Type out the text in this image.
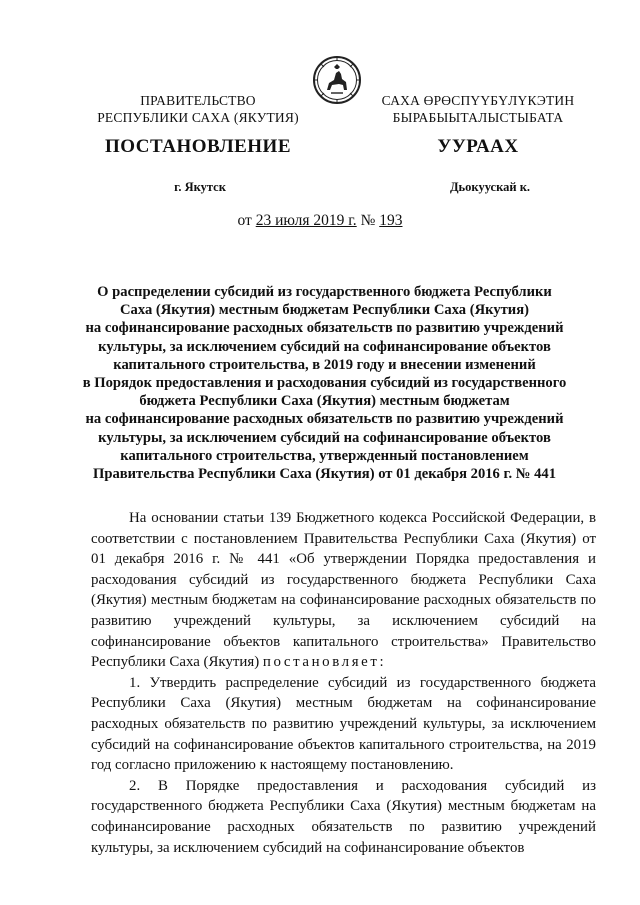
ПРАВИТЕЛЬСТВО
РЕСПУБЛИКИ САХА (ЯКУТИЯ)
САХА ӨРӨСПҮҮБҮЛҮКЭТИН
БЫРАБЫЫТАЛЫСТЫБАТА
ПОСТАНОВЛЕНИЕ	УУРААХ
г. Якутск	Дьокуускай к.
от 23 июля 2019 г. № 193
О распределении субсидий из государственного бюджета Республики
Саха (Якутия) местным бюджетам Республики Саха (Якутия)
на софинансирование расходных обязательств по развитию учреждений
культуры, за исключением субсидий на софинансирование объектов
капитального строительства, в 2019 году и внесении изменений
в Порядок предоставления и расходования субсидий из государственного
бюджета Республики Саха (Якутия) местным бюджетам
на софинансирование расходных обязательств по развитию учреждений
культуры, за исключением субсидий на софинансирование объектов
капитального строительства, утвержденный постановлением
Правительства Республики Саха (Якутия) от 01 декабря 2016 г. № 441

На основании статьи 139 Бюджетного кодекса Российской Федерации, в соответствии с постановлением Правительства Республики Саха (Якутия) от 01 декабря 2016 г. № 441 «Об утверждении Порядка предоставления и расходования субсидий из государственного бюджета Республики Саха (Якутия) местным бюджетам на софинансирование расходных обязательств по развитию учреждений культуры, за исключением субсидий на софинансирование объектов капитального строительства» Правительство Республики Саха (Якутия) постановляет:

1. Утвердить распределение субсидий из государственного бюджета Республики Саха (Якутия) местным бюджетам на софинансирование расходных обязательств по развитию учреждений культуры, за исключением субсидий на софинансирование объектов капитального строительства, на 2019 год согласно приложению к настоящему постановлению.

2. В Порядке предоставления и расходования субсидий из государственного бюджета Республики Саха (Якутия) местным бюджетам на софинансирование расходных обязательств по развитию учреждений культуры, за исключением субсидий на софинансирование объектов
